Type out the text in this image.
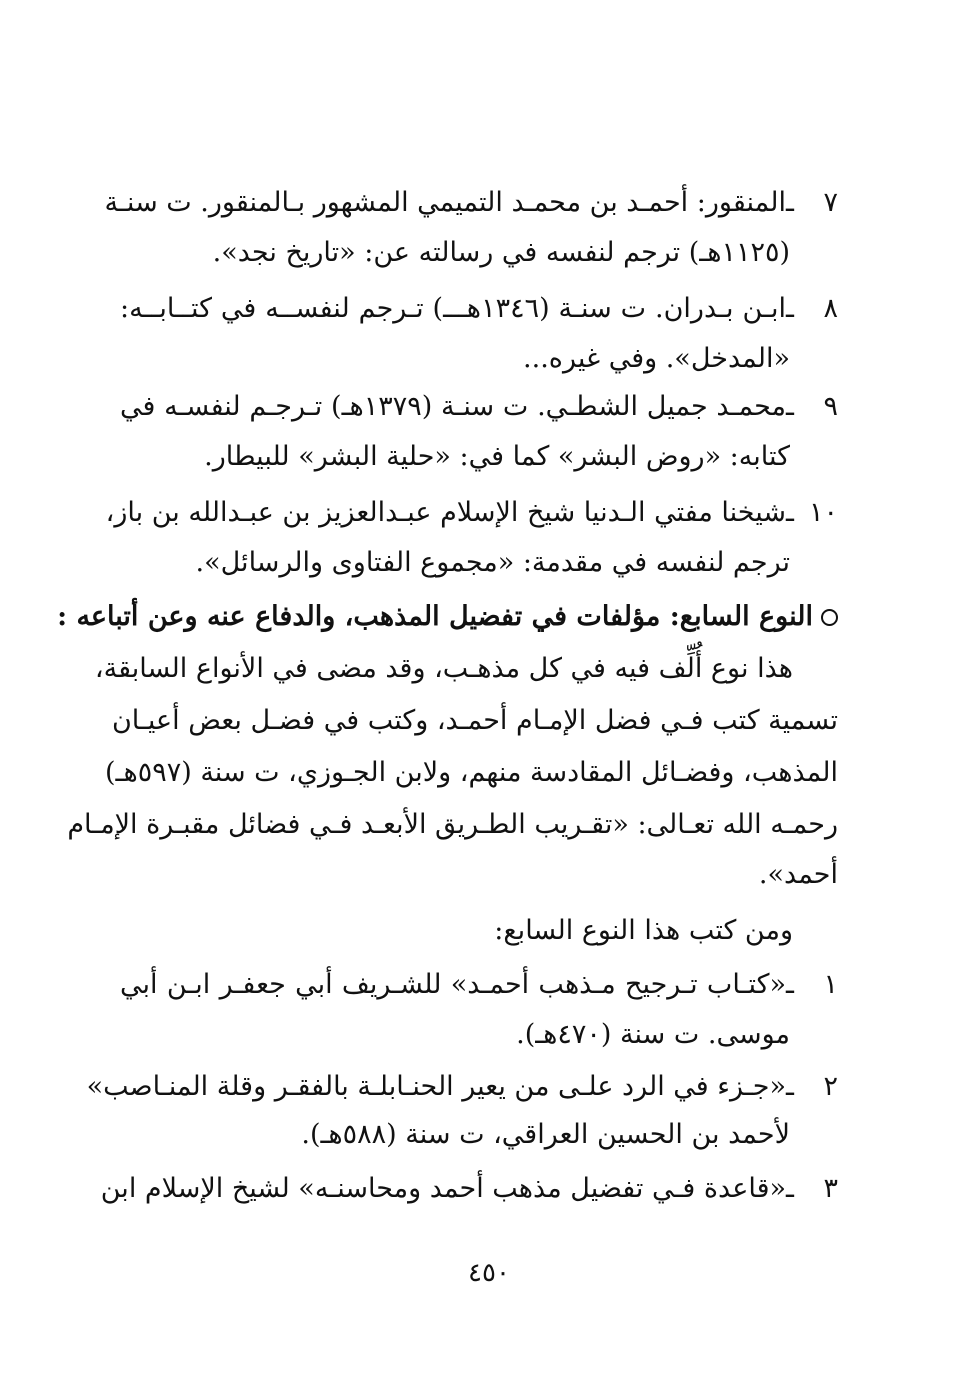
٧ ـالمنقور: أحمـد بن محمـد التميمي المشهور بـالمنقور. ت سنـة
(١١٢٥هـ) ترجم لنفسه في رسالته عن: «تاريخ نجد».
٨ ـابـن بـدران. ت سنـة (١٣٤٦هـــ) تـرجم لنفســه في كتــابــه:
«المدخل». وفي غيره...
٩ ـمحمـد جميل الشطـي. ت سنـة (١٣٧٩هـ) تـرجـم لنفسـه في
كتابه: «روض البشر» كما في: «حلية البشر» للبيطار.
١٠ ـشيخنا مفتي الـدنيا شيخ الإسلام عبـدالعزيز بن عبـدالله بن باز،
ترجم لنفسه في مقدمة: «مجموع الفتاوى والرسائل».
النوع السابع: مؤلفات في تفضيل المذهب، والدفاع عنه وعن أتباعه :
هذا نوع أُلِّف فيه في كل مذهـب، وقد مضى في الأنواع السابقة،
تسمية كتب فـي فضل الإمـام أحمـد، وكتب في فضـل بعض أعيـان
المذهب، وفضـائل المقادسة منهم، ولابن الجـوزي، ت سنة (٥٩٧هـ)
رحمـه الله تعـالى: «تقـريب الطـريق الأبعـد فـي فضائل مقبـرة الإمـام
أحمد».
ومن كتب هذا النوع السابع:
١ ـ«كتـاب تـرجيح مـذهب أحمـد» للشـريف أبي جعفـر ابـن أبي
موسى. ت سنة (٤٧٠هـ).
٢ ـ«جـزء في الرد علـى من يعير الحنـابلـة بالفقـر وقلة المنـاصب»
لأحمد بن الحسين العراقي، ت سنة (٥٨٨هـ).
٣ ـ«قاعدة فـي تفضيل مذهب أحمد ومحاسنـه» لشيخ الإسلام ابن
٤٥٠
